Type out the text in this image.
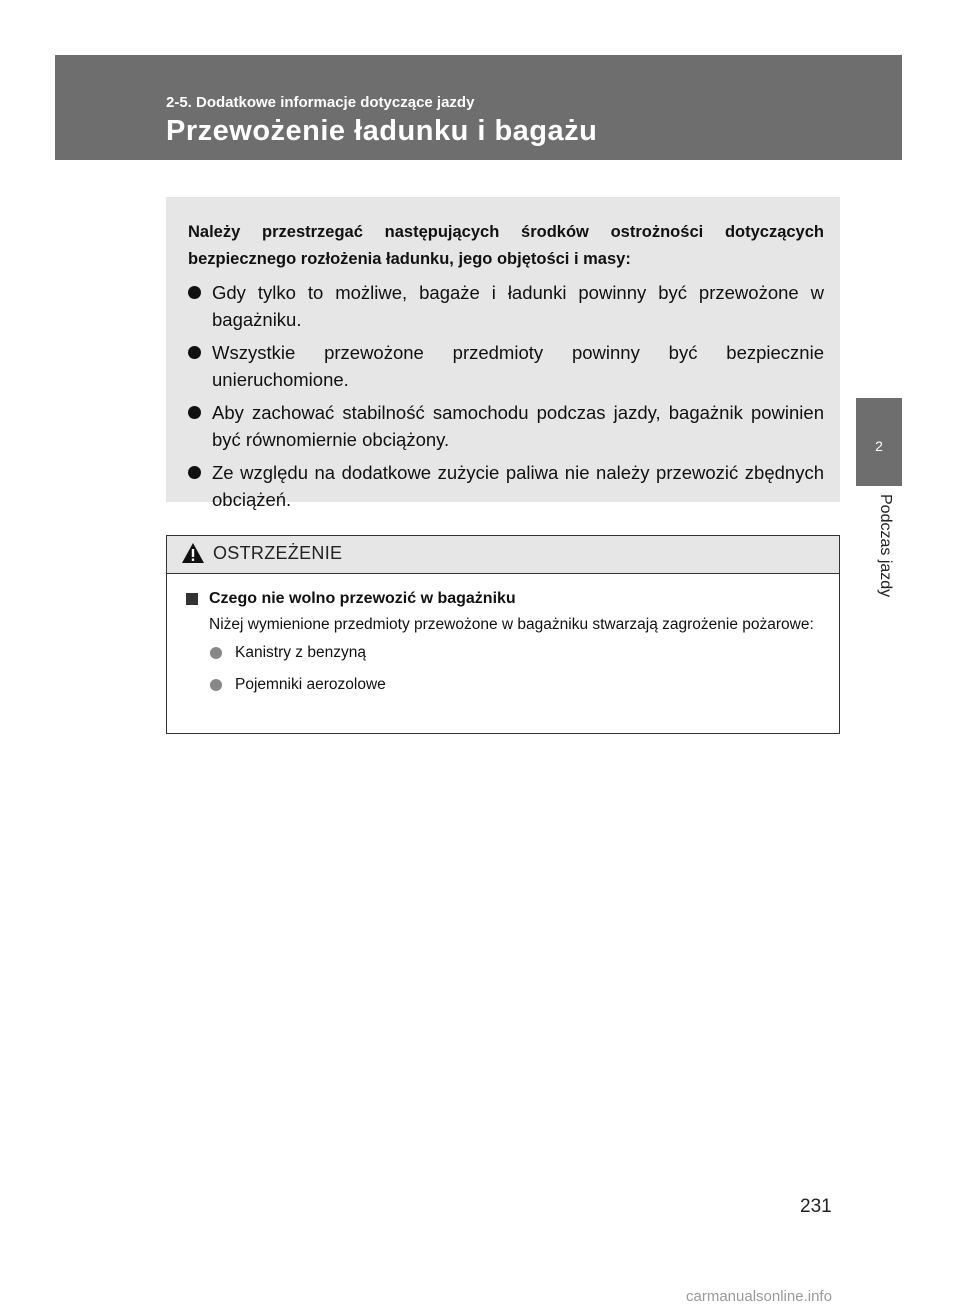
2-5. Dodatkowe informacje dotyczące jazdy
Przewożenie ładunku i bagażu
2
Podczas jazdy

Należy przestrzegać następujących środków ostrożności dotyczących bezpiecznego rozłożenia ładunku, jego objętości i masy:

Gdy tylko to możliwe, bagaże i ładunki powinny być przewożone w bagażniku.
Wszystkie przewożone przedmioty powinny być bezpiecznie unieruchomione.
Aby zachować stabilność samochodu podczas jazdy, bagażnik powinien być równomiernie obciążony.
Ze względu na dodatkowe zużycie paliwa nie należy przewozić zbędnych obciążeń.
OSTRZEŻENIE
Czego nie wolno przewozić w bagażniku
Niżej wymienione przedmioty przewożone w bagażniku stwarzają zagrożenie pożarowe:
Kanistry z benzyną
Pojemniki aerozolowe
231
carmanualsonline.info
